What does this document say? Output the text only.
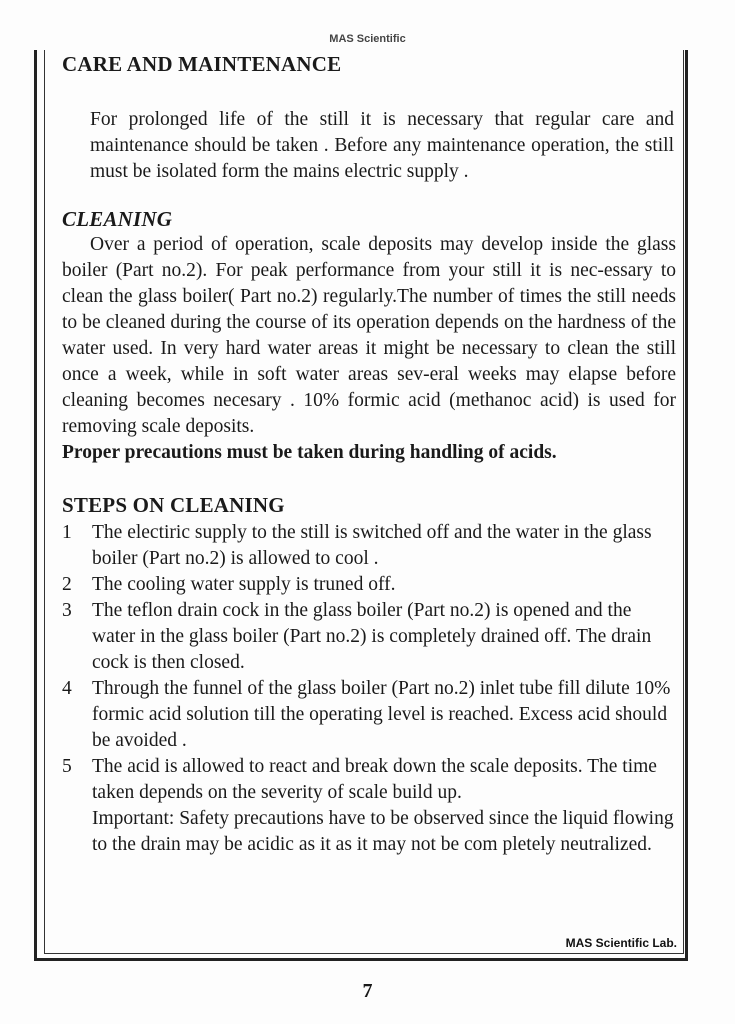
MAS Scientific
CARE AND MAINTENANCE

For prolonged life of the still it is necessary that regular care and maintenance should be taken . Before any maintenance operation, the still must be isolated form the mains electric supply .

CLEANING

Over a period of operation, scale deposits may develop inside the glass boiler (Part no.2). For peak performance from your still it is nec-essary to clean the glass boiler( Part no.2) regularly.The number of times the still needs to be cleaned during the course of its operation depends on the hardness of the water used. In very hard water areas it might be necessary to clean the still once a week, while in soft water areas sev-eral weeks may elapse before cleaning becomes necesary . 10% formic acid (methanoc acid) is used for removing scale deposits.

Proper precautions must be taken during handling of acids.

STEPS ON CLEANING
1	The electiric supply to the still is switched off and the water in the glass boiler (Part no.2) is allowed to cool .
2	The cooling water supply is truned off.
3	The teflon drain cock in the glass boiler (Part no.2) is opened and the water in the glass boiler (Part no.2) is completely drained off. The drain cock is then closed.
4	Through the funnel of the glass boiler (Part no.2) inlet tube fill dilute 10% formic acid solution till the operating level is reached. Excess acid should be avoided .
5	The acid is allowed to react and break down the scale deposits. The time taken depends on the severity of scale build up.
Important: Safety precautions have to be observed since the liquid flowing to the drain may be acidic as it as it may not be com pletely neutralized.
MAS Scientific Lab.
7
